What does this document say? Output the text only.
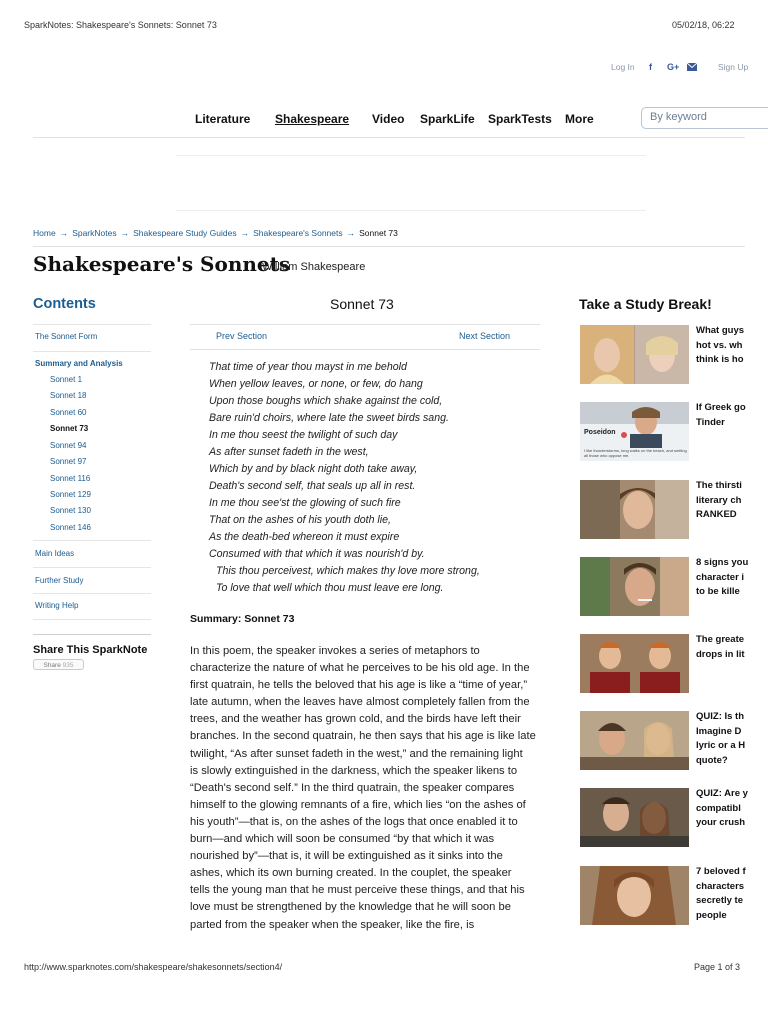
SparkNotes: Shakespeare's Sonnets: Sonnet 73	05/02/18, 06:22
Log In f G+	Sign Up
Literature Shakespeare Video SparkLife SparkTests More	By keyword
Home → SparkNotes → Shakespeare Study Guides → Shakespeare's Sonnets → Sonnet 73
Shakespeare's Sonnets
William Shakespeare
Contents
The Sonnet Form
Summary and Analysis
Sonnet 1
Sonnet 18
Sonnet 60
Sonnet 73
Sonnet 94
Sonnet 97
Sonnet 116
Sonnet 129
Sonnet 130
Sonnet 146
Main Ideas
Further Study
Writing Help
Share This SparkNote
Share 935
Sonnet 73
Prev Section	Next Section
That time of year thou mayst in me behold
When yellow leaves, or none, or few, do hang
Upon those boughs which shake against the cold,
Bare ruin'd choirs, where late the sweet birds sang.
In me thou seest the twilight of such day
As after sunset fadeth in the west,
Which by and by black night doth take away,
Death's second self, that seals up all in rest.
In me thou see'st the glowing of such fire
That on the ashes of his youth doth lie,
As the death-bed whereon it must expire
Consumed with that which it was nourish'd by.
This thou perceivest, which makes thy love more strong,
To love that well which thou must leave ere long.
Summary: Sonnet 73
In this poem, the speaker invokes a series of metaphors to
characterize the nature of what he perceives to be his old age. In the
first quatrain, he tells the beloved that his age is like a “time of year,”
late autumn, when the leaves have almost completely fallen from the
trees, and the weather has grown cold, and the birds have left their
branches. In the second quatrain, he then says that his age is like late
twilight, “As after sunset fadeth in the west,” and the remaining light
is slowly extinguished in the darkness, which the speaker likens to
“Death's second self.” In the third quatrain, the speaker compares
himself to the glowing remnants of a fire, which lies “on the ashes of
his youth”—that is, on the ashes of the logs that once enabled it to
burn—and which will soon be consumed “by that which it was
nourished by”—that is, it will be extinguished as it sinks into the
ashes, which its own burning created. In the couplet, the speaker
tells the young man that he must perceive these things, and that his
love must be strengthened by the knowledge that he will soon be
parted from the speaker when the speaker, like the fire, is
Take a Study Break!
What guys
hot vs. wh
think is ho
Poseidon
I like thunderstorms, long walks on the beach, and smiting all those who oppose me.
If Greek go
Tinder
The thirsti
literary ch
RANKED
8 signs you
character i
to be kille
The greate
drops in lit
QUIZ: Is th
Imagine D
lyric or a H
quote?
QUIZ: Are y
compatibl
your crush
7 beloved f
characters
secretly te
people
http://www.sparknotes.com/shakespeare/shakesonnets/section4/	Page 1 of 3
